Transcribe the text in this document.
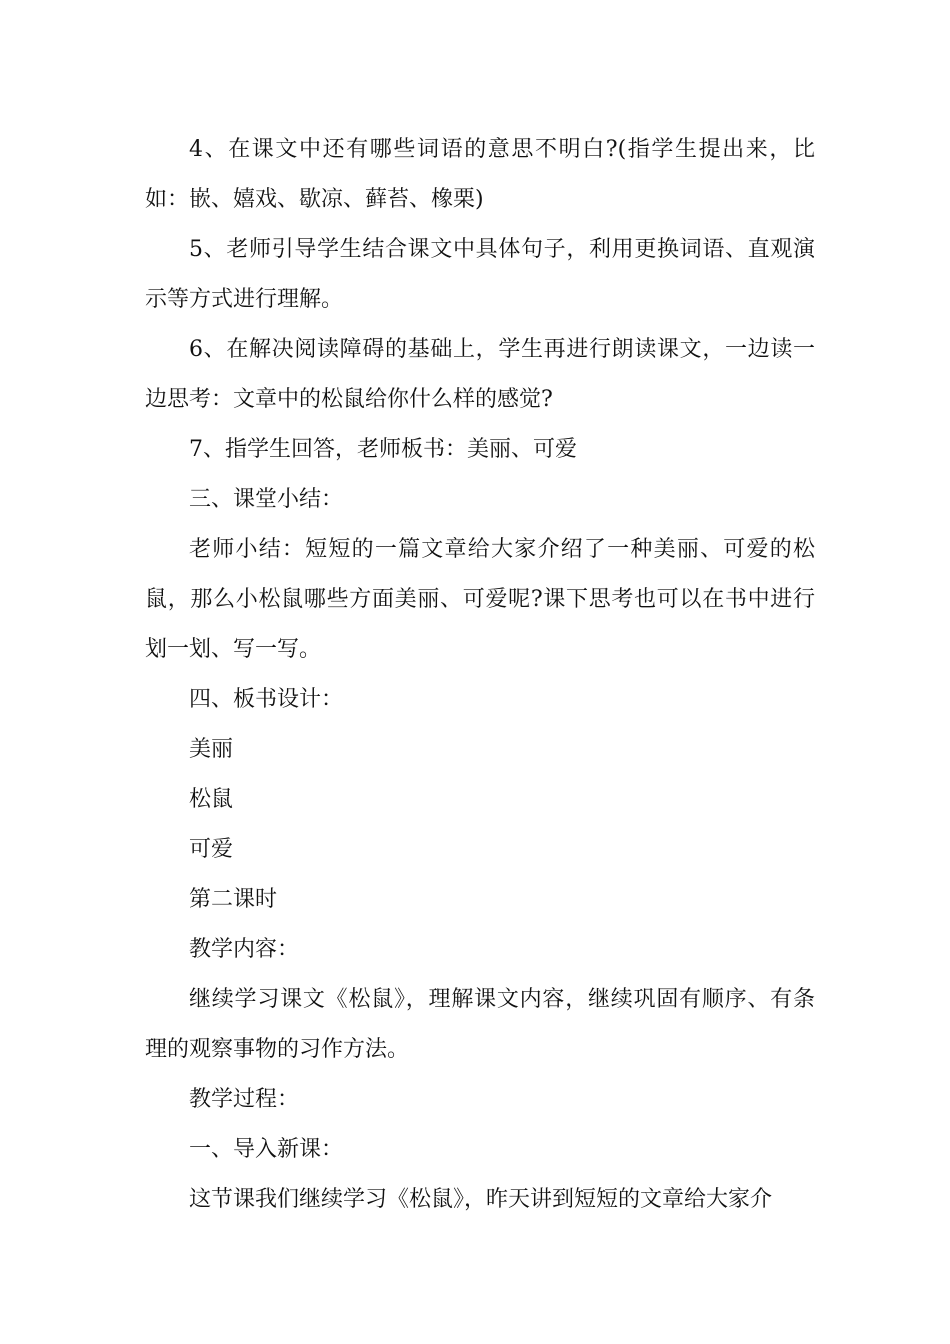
4、在课文中还有哪些词语的意思不明白?(指学生提出来，比如：嵌、嬉戏、歇凉、藓苔、橡栗)

5、老师引导学生结合课文中具体句子，利用更换词语、直观演示等方式进行理解。

6、在解决阅读障碍的基础上，学生再进行朗读课文，一边读一边思考：文章中的松鼠给你什么样的感觉?

7、指学生回答，老师板书：美丽、可爱

三、课堂小结：

老师小结：短短的一篇文章给大家介绍了一种美丽、可爱的松鼠，那么小松鼠哪些方面美丽、可爱呢?课下思考也可以在书中进行划一划、写一写。

四、板书设计：

美丽

松鼠

可爱

第二课时

教学内容：

继续学习课文《松鼠》，理解课文内容，继续巩固有顺序、有条理的观察事物的习作方法。

教学过程：

一、导入新课：

这节课我们继续学习《松鼠》，昨天讲到短短的文章给大家介
